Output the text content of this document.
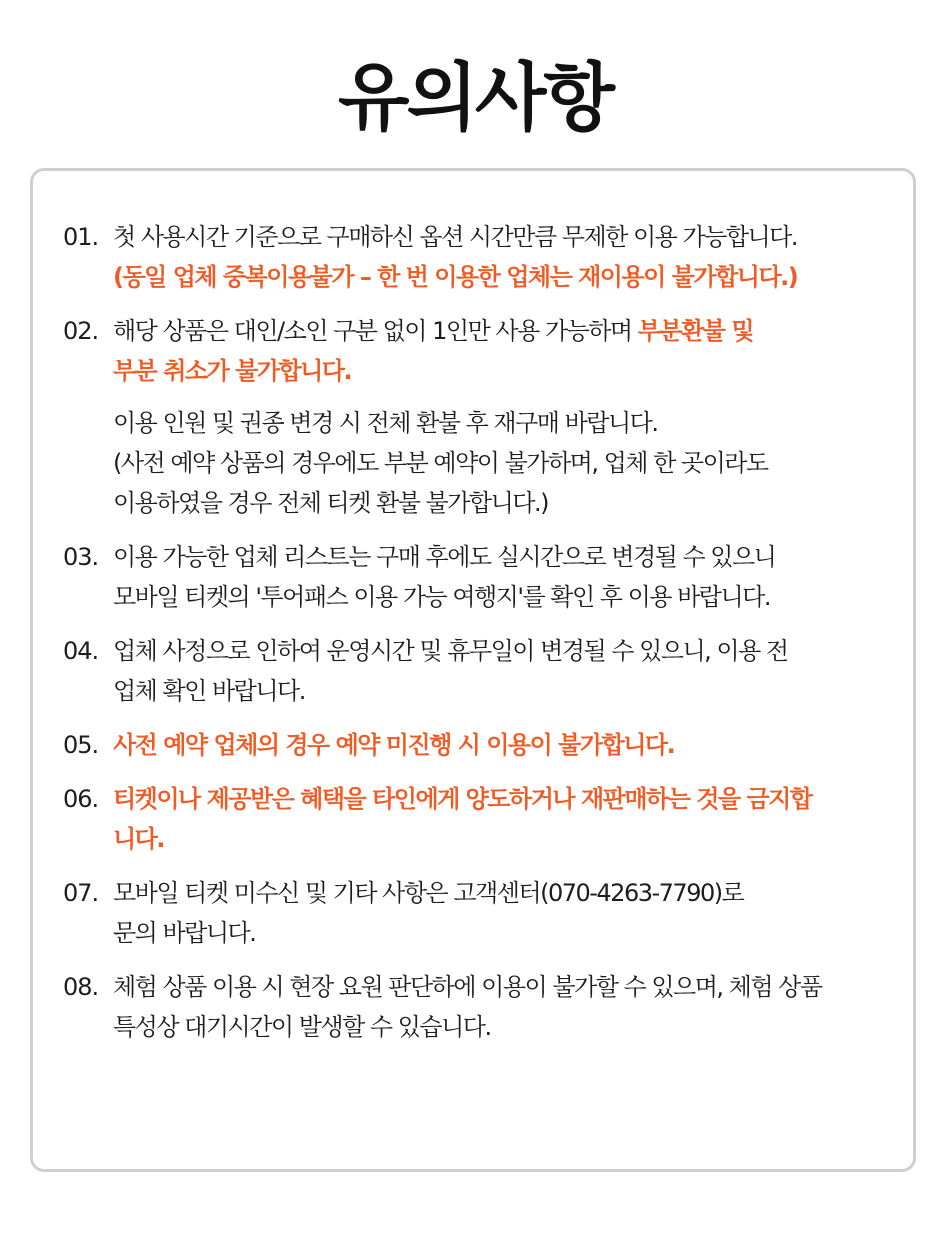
유의사항
01. 첫 사용시간 기준으로 구매하신 옵션 시간만큼 무제한 이용 가능합니다.
(동일 업체 중복이용불가 – 한 번 이용한 업체는 재이용이 불가합니다.)
02. 해당 상품은 대인/소인 구분 없이 1인만 사용 가능하며 부분환불 및
부분 취소가 불가합니다.
이용 인원 및 권종 변경 시 전체 환불 후 재구매 바랍니다.
(사전 예약 상품의 경우에도 부분 예약이 불가하며, 업체 한 곳이라도
이용하였을 경우 전체 티켓 환불 불가합니다.)
03. 이용 가능한 업체 리스트는 구매 후에도 실시간으로 변경될 수 있으니
모바일 티켓의 '투어패스 이용 가능 여행지'를 확인 후 이용 바랍니다.
04. 업체 사정으로 인하여 운영시간 및 휴무일이 변경될 수 있으니, 이용 전
업체 확인 바랍니다.
05. 사전 예약 업체의 경우 예약 미진행 시 이용이 불가합니다.
06. 티켓이나 제공받은 혜택을 타인에게 양도하거나 재판매하는 것을 금지합
니다.
07. 모바일 티켓 미수신 및 기타 사항은 고객센터(070-4263-7790)로
문의 바랍니다.
08. 체험 상품 이용 시 현장 요원 판단하에 이용이 불가할 수 있으며, 체험 상품
특성상 대기시간이 발생할 수 있습니다.
